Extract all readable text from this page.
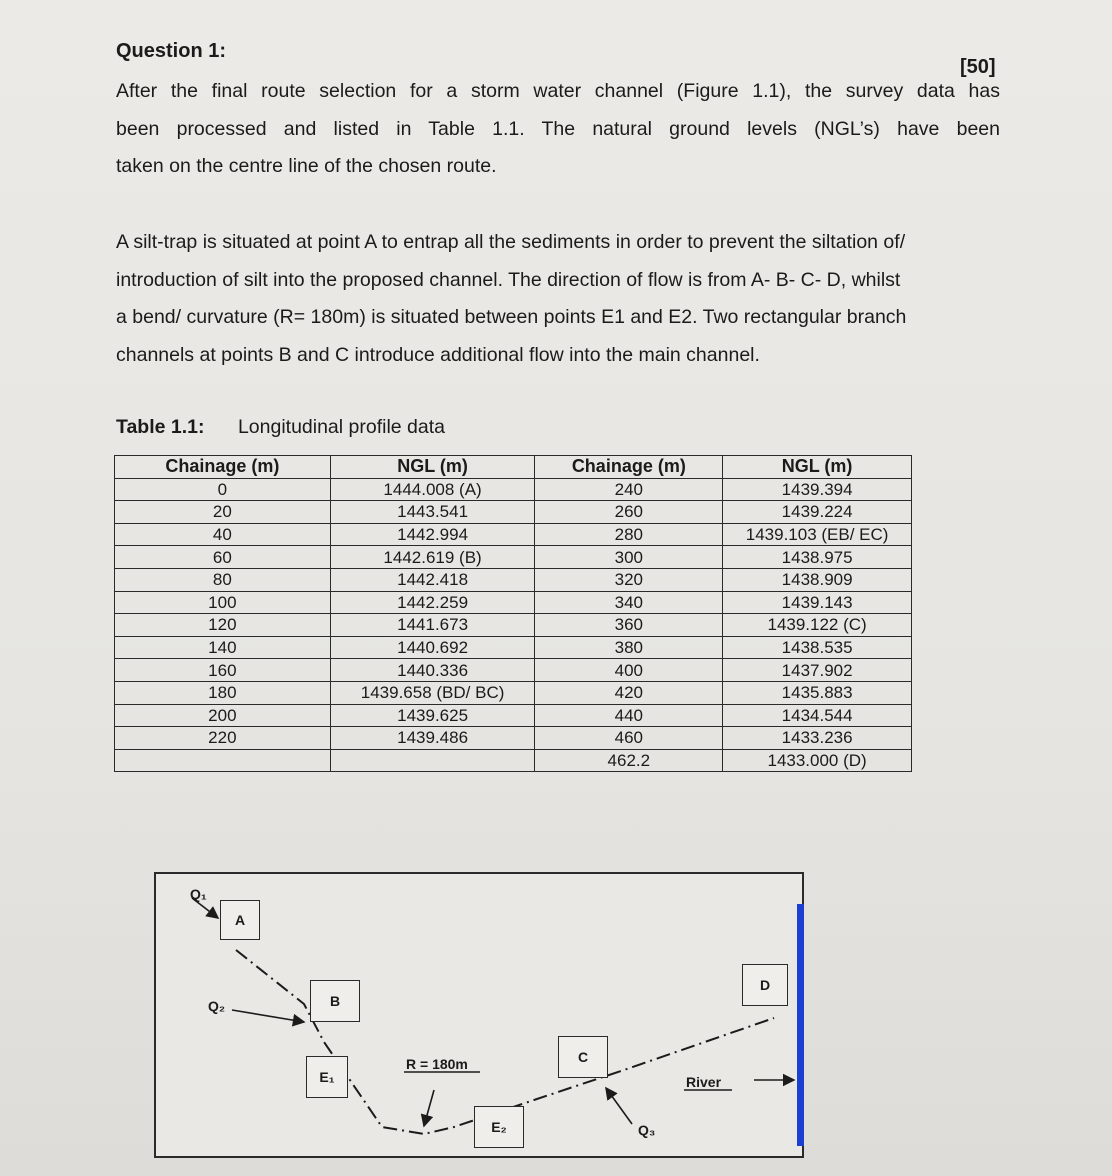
Question 1:
[50]
After the final route selection for a storm water channel (Figure 1.1), the survey data has
been processed and listed in Table 1.1. The natural ground levels (NGL’s) have been
taken on the centre line of the chosen route.
A silt-trap is situated at point A to entrap all the sediments in order to prevent the siltation of/
introduction of silt into the proposed channel. The direction of flow is from A- B- C- D, whilst
a bend/ curvature (R= 180m) is situated between points E1 and E2. Two rectangular branch
channels at points B and C introduce additional flow into the main channel.
Table 1.1: Longitudinal profile data
Chainage (m)	NGL (m)	Chainage (m)	NGL (m)
0	1444.008 (A)	240	1439.394
20	1443.541	260	1439.224
40	1442.994	280	1439.103 (EB/ EC)
60	1442.619 (B)	300	1438.975
80	1442.418	320	1438.909
100	1442.259	340	1439.143
120	1441.673	360	1439.122 (C)
140	1440.692	380	1438.535
160	1440.336	400	1437.902
180	1439.658 (BD/ BC)	420	1435.883
200	1439.625	440	1434.544
220	1439.486	460	1433.236
		462.2	1433.000 (D)
Q₁
Q₂
Q₃
A
B
C
D
E₁
E₂
R = 180m
River
